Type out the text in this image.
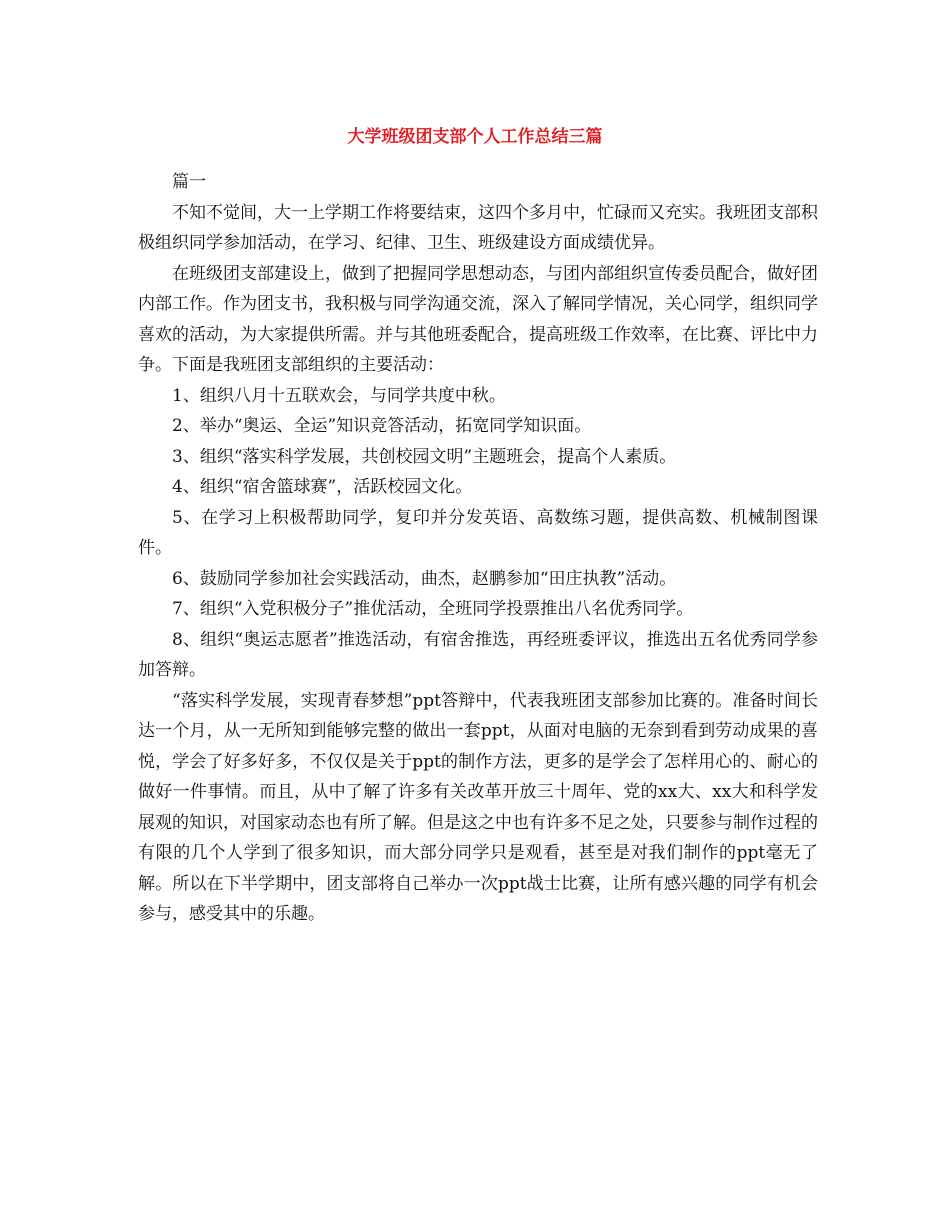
大学班级团支部个人工作总结三篇

篇一

不知不觉间，大一上学期工作将要结束，这四个多月中，忙碌而又充实。我班团支部积极组织同学参加活动，在学习、纪律、卫生、班级建设方面成绩优异。

在班级团支部建设上，做到了把握同学思想动态，与团内部组织宣传委员配合，做好团内部工作。作为团支书，我积极与同学沟通交流，深入了解同学情况，关心同学，组织同学喜欢的活动，为大家提供所需。并与其他班委配合，提高班级工作效率，在比赛、评比中力争。下面是我班团支部组织的主要活动：

1、组织八月十五联欢会，与同学共度中秋。

2、举办“奥运、全运”知识竞答活动，拓宽同学知识面。

3、组织“落实科学发展，共创校园文明”主题班会，提高个人素质。

4、组织“宿舍篮球赛”，活跃校园文化。

5、在学习上积极帮助同学，复印并分发英语、高数练习题，提供高数、机械制图课件。

6、鼓励同学参加社会实践活动，曲杰，赵鹏参加“田庄执教”活动。

7、组织“入党积极分子”推优活动，全班同学投票推出八名优秀同学。

8、组织“奥运志愿者”推选活动，有宿舍推选，再经班委评议，推选出五名优秀同学参加答辩。

“落实科学发展，实现青春梦想”ppt答辩中，代表我班团支部参加比赛的。准备时间长达一个月，从一无所知到能够完整的做出一套ppt，从面对电脑的无奈到看到劳动成果的喜悦，学会了好多好多，不仅仅是关于ppt的制作方法，更多的是学会了怎样用心的、耐心的做好一件事情。而且，从中了解了许多有关改革开放三十周年、党的xx大、xx大和科学发展观的知识，对国家动态也有所了解。但是这之中也有许多不足之处，只要参与制作过程的有限的几个人学到了很多知识，而大部分同学只是观看，甚至是对我们制作的ppt毫无了解。所以在下半学期中，团支部将自己举办一次ppt战士比赛，让所有感兴趣的同学有机会参与，感受其中的乐趣。
